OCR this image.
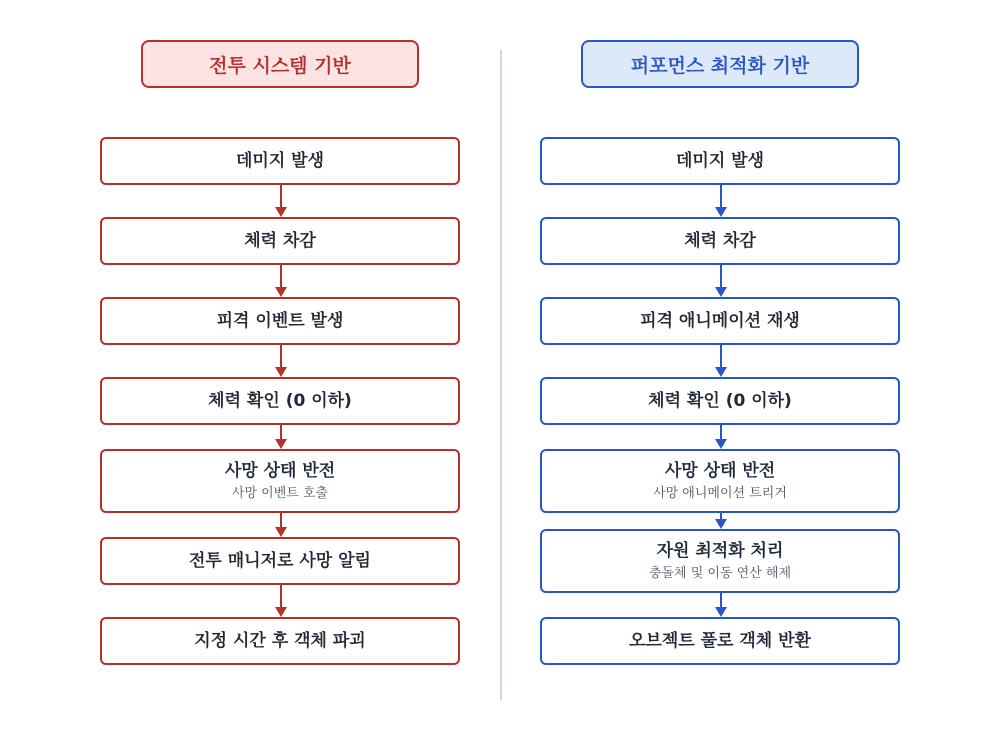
전투 시스템 기반	퍼포먼스 최적화 기반
데미지 발생
체력 차감
피격 이벤트 발생
체력 확인 (0 이하)
사망 상태 반전
사망 이벤트 호출
전투 매니저로 사망 알림
지정 시간 후 객체 파괴
데미지 발생
체력 차감
피격 애니메이션 재생
체력 확인 (0 이하)
사망 상태 반전
사망 애니메이션 트리거
자원 최적화 처리
충돌체 및 이동 연산 해제
오브젝트 풀로 객체 반환
